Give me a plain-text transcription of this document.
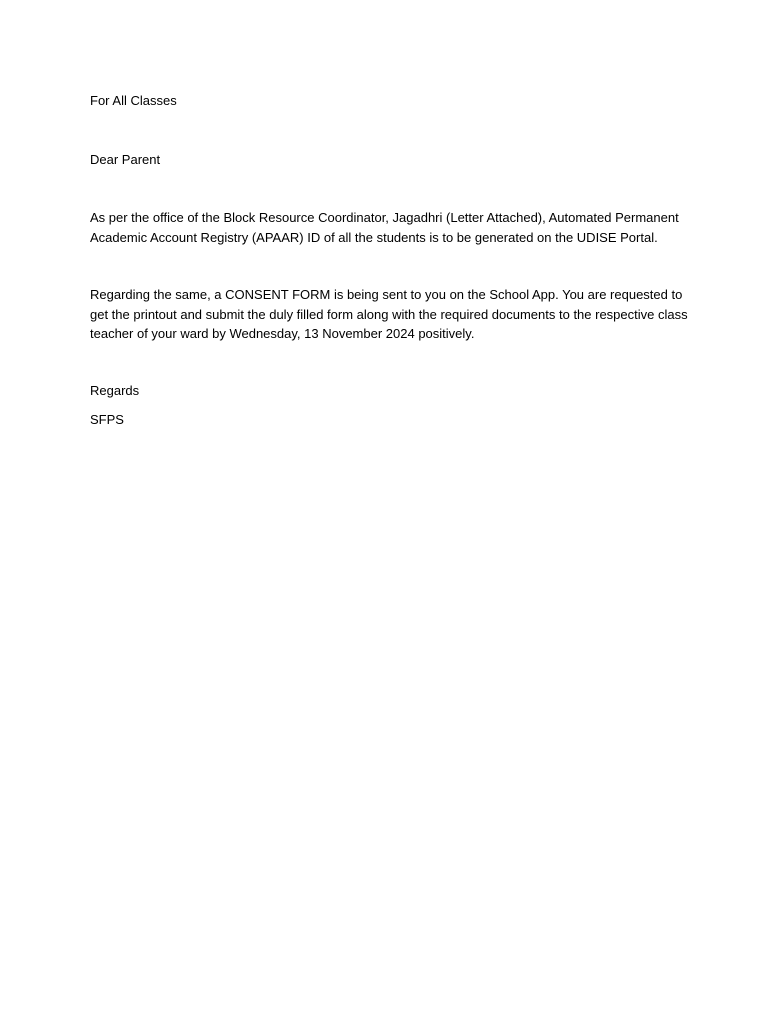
For All Classes

Dear Parent

As per the office of the Block Resource Coordinator, Jagadhri (Letter Attached), Automated Permanent Academic Account Registry (APAAR) ID of all the students is to be generated on the UDISE Portal.

Regarding the same, a CONSENT FORM is being sent to you on the School App. You are requested to get the printout and submit the duly filled form along with the required documents to the respective class teacher of your ward by Wednesday, 13 November 2024 positively.

Regards

SFPS
